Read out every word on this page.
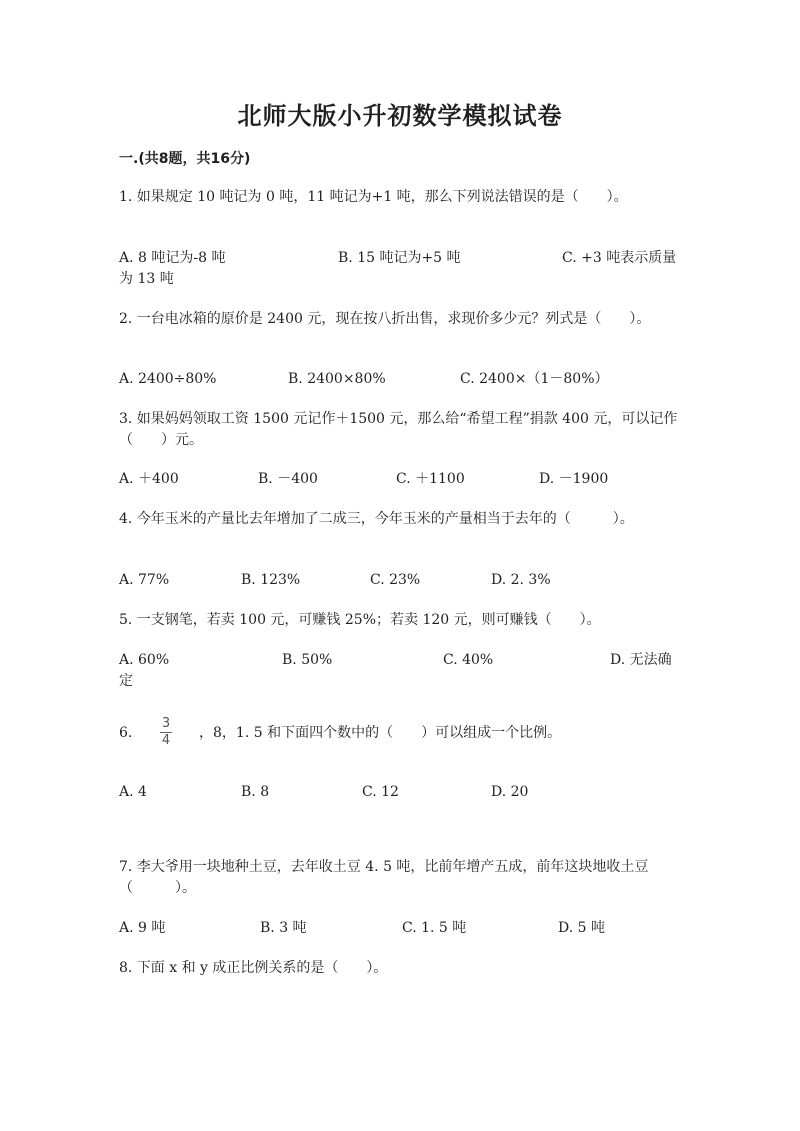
北师大版小升初数学模拟试卷
一.(共8题，共16分)
1. 如果规定 10 吨记为 0 吨，11 吨记为+1 吨，那么下列说法错误的是（　　）。
A. 8 吨记为-8 吨	B. 15 吨记为+5 吨	C. +3 吨表示质量为 13 吨
2. 一台电冰箱的原价是 2400 元，现在按八折出售，求现价多少元？列式是（　　）。
A. 2400÷80%	B. 2400×80%	C. 2400×（1－80%）
3. 如果妈妈领取工资 1500 元记作＋1500 元，那么给“希望工程”捐款 400 元，可以记作（　　）元。
A. ＋400	B. －400	C. ＋1100	D. －1900
4. 今年玉米的产量比去年增加了二成三，今年玉米的产量相当于去年的（　　　）。
A. 77%	B. 123%	C. 23%	D. 2. 3%
5. 一支钢笔，若卖 100 元，可赚钱 25%；若卖 120 元，则可赚钱（　　）。
A. 60%	B. 50%	C. 40%	D. 无法确定
6.
3
4 ，8，1. 5 和下面四个数中的（　　）可以组成一个比例。
A. 4	B. 8	C. 12	D. 20
7. 李大爷用一块地种土豆，去年收土豆 4. 5 吨，比前年增产五成，前年这块地收土豆（　　　）。
A. 9 吨	B. 3 吨	C. 1. 5 吨	D. 5 吨
8. 下面 x 和 y 成正比例关系的是（　　）。
